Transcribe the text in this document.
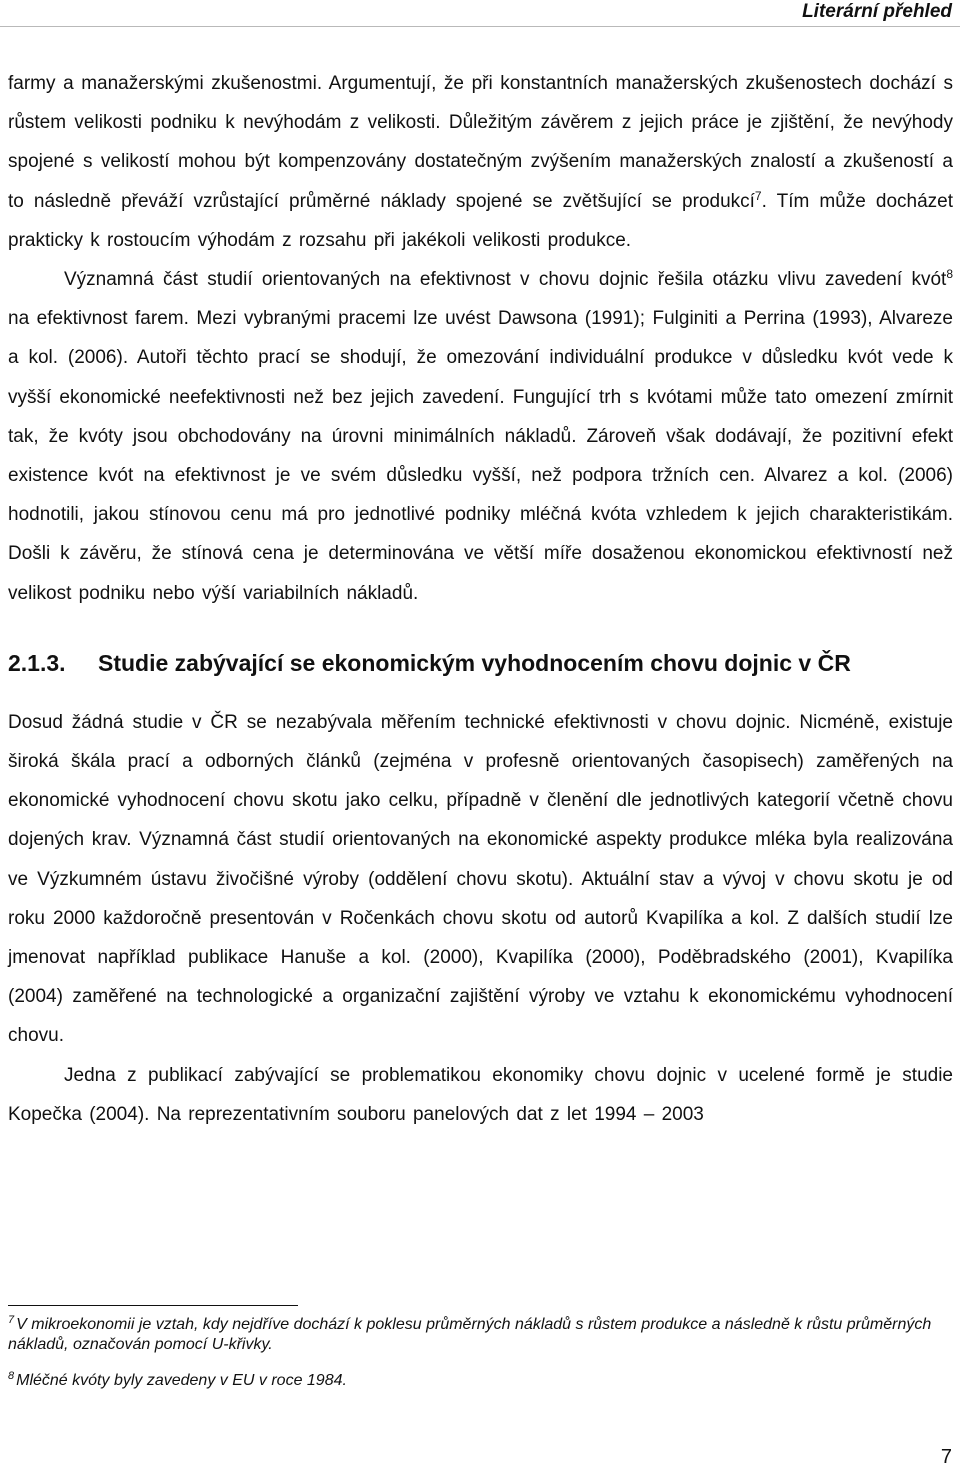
Literární přehled

farmy a manažerskými zkušenostmi. Argumentují, že při konstantních manažerských zkušenostech dochází s růstem velikosti podniku k nevýhodám z velikosti. Důležitým závěrem z jejich práce je zjištění, že nevýhody spojené s velikostí mohou být kompenzovány dostatečným zvýšením manažerských znalostí a zkušeností a to následně převáží vzrůstající průměrné náklady spojené se zvětšující se produkcí$^7$. Tím může docházet prakticky k rostoucím výhodám z rozsahu při jakékoli velikosti produkce.

Významná část studií orientovaných na efektivnost v chovu dojnic řešila otázku vlivu zavedení kvót$^8$ na efektivnost farem. Mezi vybranými pracemi lze uvést Dawsona (1991); Fulginiti a Perrina (1993), Alvareze a kol. (2006). Autoři těchto prací se shodují, že omezování individuální produkce v důsledku kvót vede k vyšší ekonomické neefektivnosti než bez jejich zavedení. Fungující trh s kvótami může tato omezení zmírnit tak, že kvóty jsou obchodovány na úrovni minimálních nákladů. Zároveň však dodávají, že pozitivní efekt existence kvót na efektivnost je ve svém důsledku vyšší, než podpora tržních cen. Alvarez a kol. (2006) hodnotili, jakou stínovou cenu má pro jednotlivé podniky mléčná kvóta vzhledem k jejich charakteristikám. Došli k závěru, že stínová cena je determinována ve větší míře dosaženou ekonomickou efektivností než velikost podniku nebo výší variabilních nákladů.

2.1.3.	Studie zabývající se ekonomickým vyhodnocením chovu dojnic v ČR

Dosud žádná studie v ČR se nezabývala měřením technické efektivnosti v chovu dojnic. Nicméně, existuje široká škála prací a odborných článků (zejména v profesně orientovaných časopisech) zaměřených na ekonomické vyhodnocení chovu skotu jako celku, případně v členění dle jednotlivých kategorií včetně chovu dojených krav. Významná část studií orientovaných na ekonomické aspekty produkce mléka byla realizována ve Výzkumném ústavu živočišné výroby (oddělení chovu skotu). Aktuální stav a vývoj v chovu skotu je od roku 2000 každoročně presentován v Ročenkách chovu skotu od autorů Kvapilíka a kol. Z dalších studií lze jmenovat například publikace Hanuše a kol. (2000), Kvapilíka (2000), Poděbradského (2001), Kvapilíka (2004) zaměřené na technologické a organizační zajištění výroby ve vztahu k ekonomickému vyhodnocení chovu.

Jedna z publikací zabývající se problematikou ekonomiky chovu dojnic v ucelené formě je studie Kopečka (2004). Na reprezentativním souboru panelových dat z let 1994 – 2003

$^7$ V mikroekonomii je vztah, kdy nejdříve dochází k poklesu průměrných nákladů s růstem produkce a následně k růstu průměrných nákladů, označován pomocí U-křivky.

$^8$ Mléčné kvóty byly zavedeny v EU v roce 1984.

7
